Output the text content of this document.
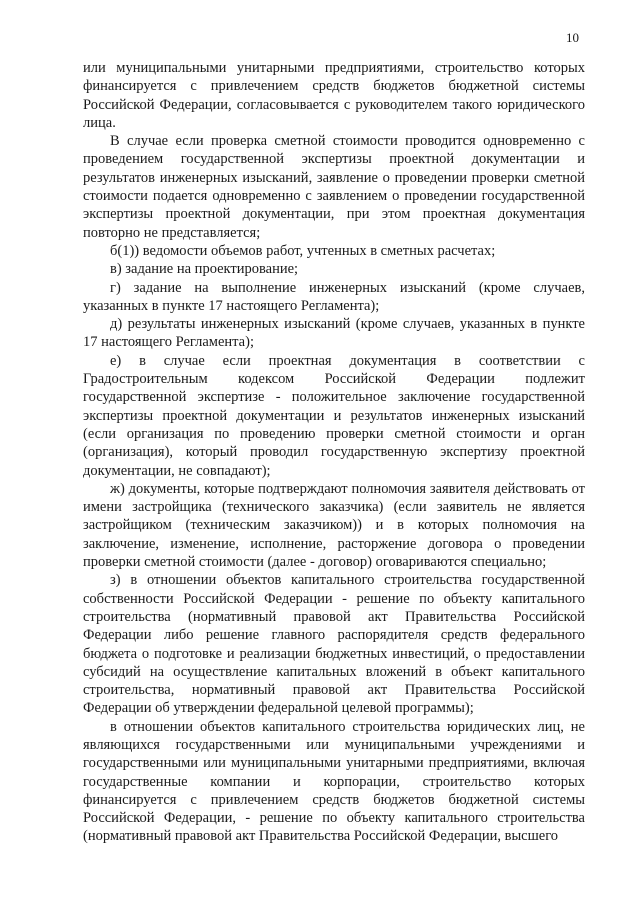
10

или муниципальными унитарными предприятиями, строительство которых финансируется с привлечением средств бюджетов бюджетной системы Российской Федерации, согласовывается с руководителем такого юридического лица.

В случае если проверка сметной стоимости проводится одновременно с проведением государственной экспертизы проектной документации и результатов инженерных изысканий, заявление о проведении проверки сметной стоимости подается одновременно с заявлением о проведении государственной экспертизы проектной документации, при этом проектная документация повторно не представляется;

б(1)) ведомости объемов работ, учтенных в сметных расчетах;

в) задание на проектирование;

г) задание на выполнение инженерных изысканий (кроме случаев, указанных в пункте 17 настоящего Регламента);

д) результаты инженерных изысканий (кроме случаев, указанных в пункте 17 настоящего Регламента);

е) в случае если проектная документация в соответствии с Градостроительным кодексом Российской Федерации подлежит государственной экспертизе - положительное заключение государственной экспертизы проектной документации и результатов инженерных изысканий (если организация по проведению проверки сметной стоимости и орган (организация), который проводил государственную экспертизу проектной документации, не совпадают);

ж) документы, которые подтверждают полномочия заявителя действовать от имени застройщика (технического заказчика) (если заявитель не является застройщиком (техническим заказчиком)) и в которых полномочия на заключение, изменение, исполнение, расторжение договора о проведении проверки сметной стоимости (далее - договор) оговариваются специально;

з) в отношении объектов капитального строительства государственной собственности Российской Федерации - решение по объекту капитального строительства (нормативный правовой акт Правительства Российской Федерации либо решение главного распорядителя средств федерального бюджета о подготовке и реализации бюджетных инвестиций, о предоставлении субсидий на осуществление капитальных вложений в объект капитального строительства, нормативный правовой акт Правительства Российской Федерации об утверждении федеральной целевой программы);

в отношении объектов капитального строительства юридических лиц, не являющихся государственными или муниципальными учреждениями и государственными или муниципальными унитарными предприятиями, включая государственные компании и корпорации, строительство которых финансируется с привлечением средств бюджетов бюджетной системы Российской Федерации, - решение по объекту капитального строительства (нормативный правовой акт Правительства Российской Федерации, высшего
